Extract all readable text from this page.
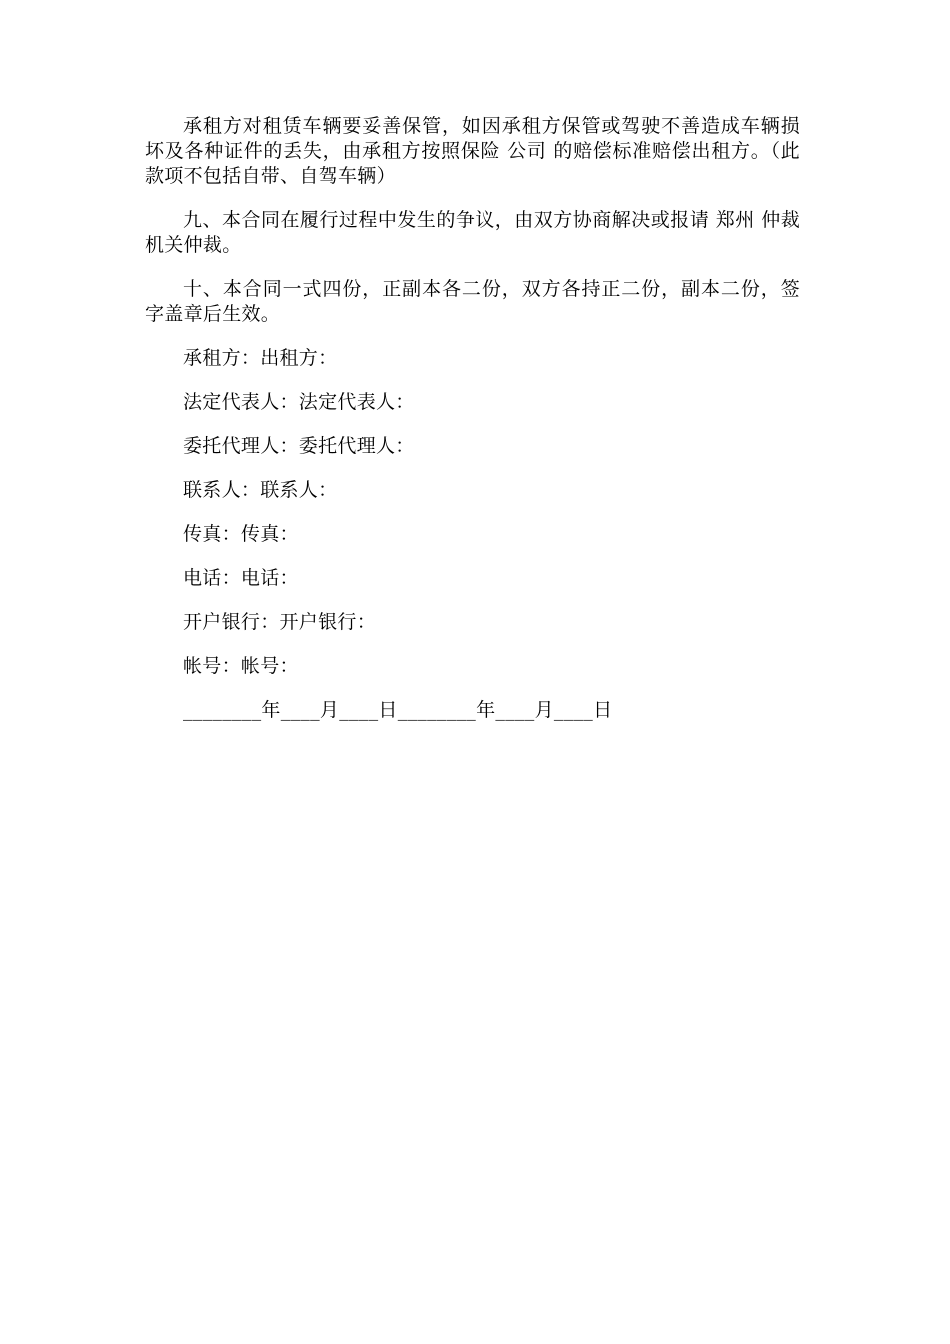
承租方对租赁车辆要妥善保管，如因承租方保管或驾驶不善造成车辆损坏及各种证件的丢失，由承租方按照保险 公司 的赔偿标准赔偿出租方。（此款项不包括自带、自驾车辆）

九、本合同在履行过程中发生的争议，由双方协商解决或报请 郑州 仲裁机关仲裁。

十、本合同一式四份，正副本各二份，双方各持正二份，副本二份，签字盖章后生效。

承租方：出租方：

法定代表人：法定代表人：

委托代理人：委托代理人：

联系人：联系人：

传真：传真：

电话：电话：

开户银行：开户银行：

帐号：帐号：

________年____月____日________年____月____日
